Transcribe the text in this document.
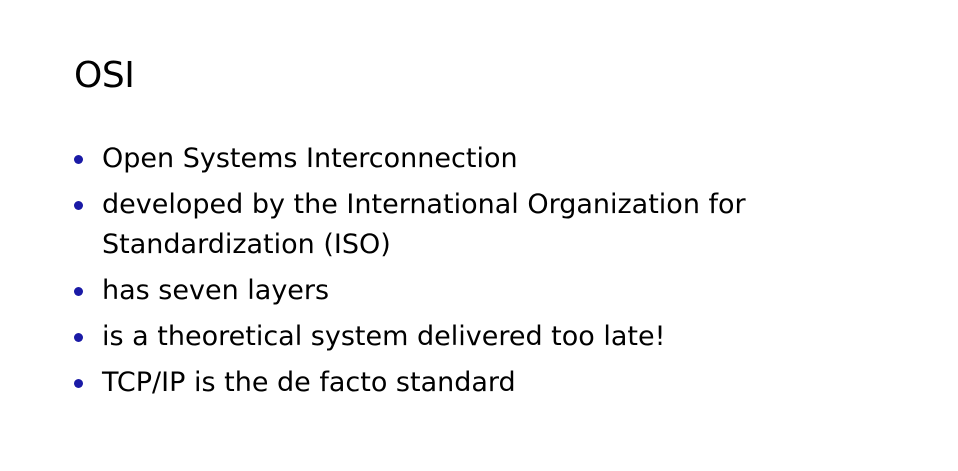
OSI
Open Systems Interconnection
developed by the International Organization for Standardization (ISO)
has seven layers
is a theoretical system delivered too late!
TCP/IP is the de facto standard
